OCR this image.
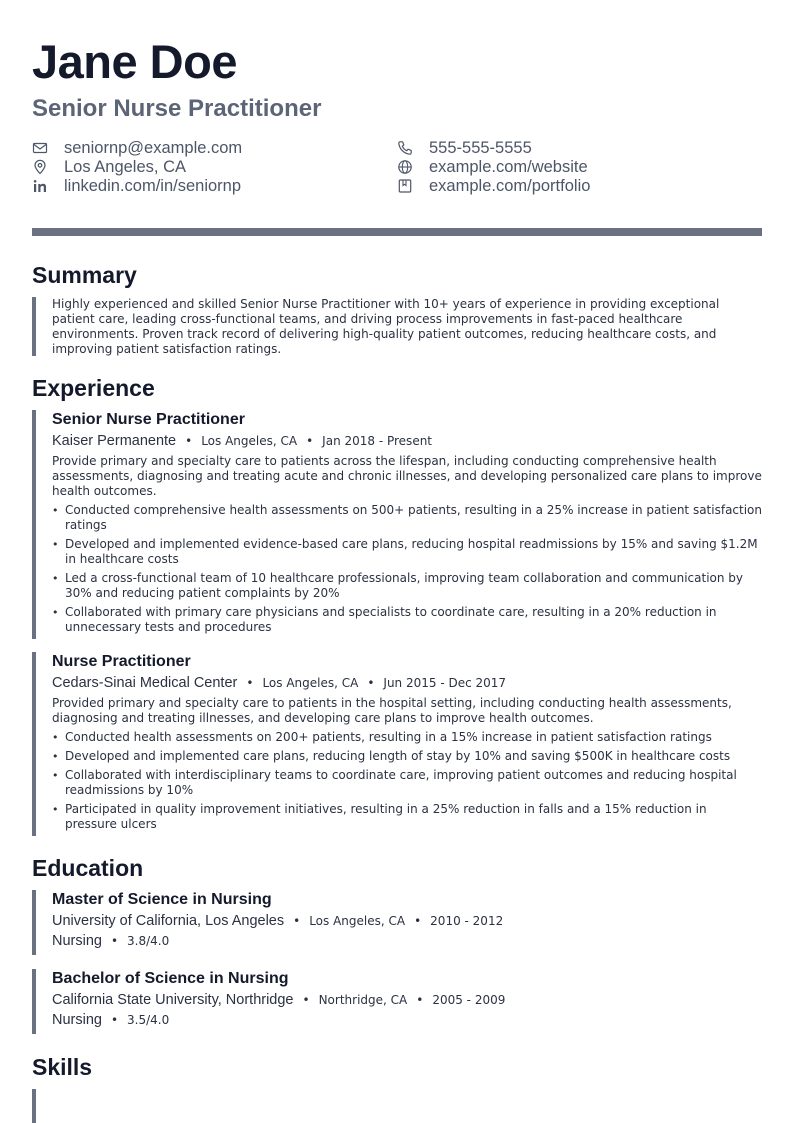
Jane Doe
Senior Nurse Practitioner
seniornp@example.com
Los Angeles, CA
linkedin.com/in/seniornp
555-555-5555
example.com/website
example.com/portfolio
Summary
Highly experienced and skilled Senior Nurse Practitioner with 10+ years of experience in providing exceptional patient care, leading cross-functional teams, and driving process improvements in fast-paced healthcare environments. Proven track record of delivering high-quality patient outcomes, reducing healthcare costs, and improving patient satisfaction ratings.
Experience
Senior Nurse Practitioner
Kaiser Permanente • Los Angeles, CA • Jan 2018 - Present
Provide primary and specialty care to patients across the lifespan, including conducting comprehensive health assessments, diagnosing and treating acute and chronic illnesses, and developing personalized care plans to improve health outcomes.
• Conducted comprehensive health assessments on 500+ patients, resulting in a 25% increase in patient satisfaction ratings
• Developed and implemented evidence-based care plans, reducing hospital readmissions by 15% and saving $1.2M in healthcare costs
• Led a cross-functional team of 10 healthcare professionals, improving team collaboration and communication by 30% and reducing patient complaints by 20%
• Collaborated with primary care physicians and specialists to coordinate care, resulting in a 20% reduction in unnecessary tests and procedures
Nurse Practitioner
Cedars-Sinai Medical Center • Los Angeles, CA • Jun 2015 - Dec 2017
Provided primary and specialty care to patients in the hospital setting, including conducting health assessments, diagnosing and treating illnesses, and developing care plans to improve health outcomes.
• Conducted health assessments on 200+ patients, resulting in a 15% increase in patient satisfaction ratings
• Developed and implemented care plans, reducing length of stay by 10% and saving $500K in healthcare costs
• Collaborated with interdisciplinary teams to coordinate care, improving patient outcomes and reducing hospital readmissions by 10%
• Participated in quality improvement initiatives, resulting in a 25% reduction in falls and a 15% reduction in pressure ulcers
Education
Master of Science in Nursing
University of California, Los Angeles • Los Angeles, CA • 2010 - 2012
Nursing • 3.8/4.0
Bachelor of Science in Nursing
California State University, Northridge • Northridge, CA • 2005 - 2009
Nursing • 3.5/4.0
Skills
